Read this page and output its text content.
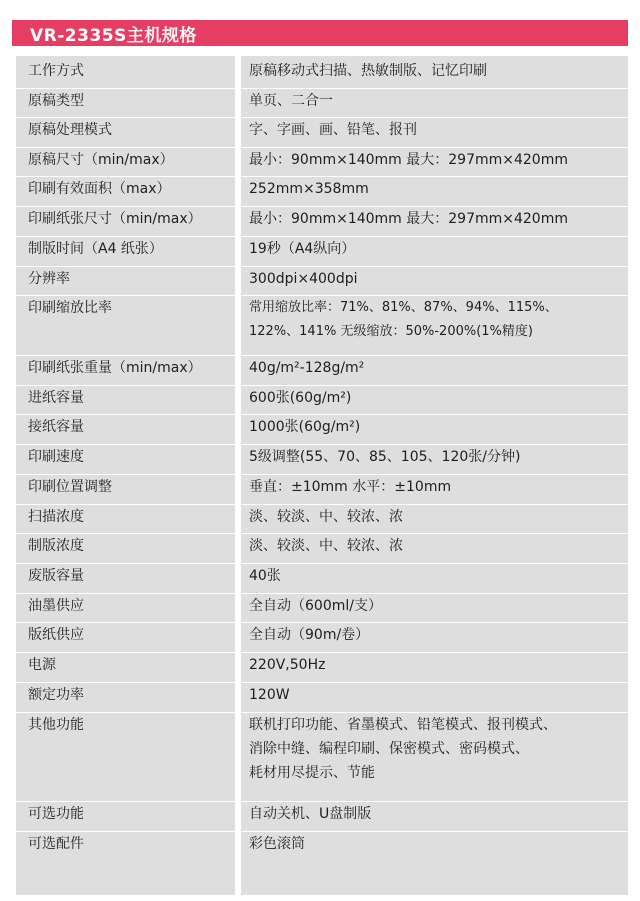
VR-2335S主机规格
工作方式	原稿移动式扫描、热敏制版、记忆印刷
原稿类型	单页、二合一
原稿处理模式	字、字画、画、铅笔、报刊
原稿尺寸（min/max）	最小：90mm×140mm 最大：297mm×420mm
印刷有效面积（max）	252mm×358mm
印刷纸张尺寸（min/max）	最小：90mm×140mm 最大：297mm×420mm
制版时间（A4 纸张）	19秒（A4纵向）
分辨率	300dpi×400dpi
印刷缩放比率	常用缩放比率：71%、81%、87%、94%、115%、
122%、141% 无级缩放：50%-200%(1%精度)
印刷纸张重量（min/max）	40g/m²-128g/m²
进纸容量	600张(60g/m²)
接纸容量	1000张(60g/m²)
印刷速度	5级调整(55、70、85、105、120张/分钟)
印刷位置调整	垂直：±10mm 水平：±10mm
扫描浓度	淡、较淡、中、较浓、浓
制版浓度	淡、较淡、中、较浓、浓
废版容量	40张
油墨供应	全自动（600ml/支）
版纸供应	全自动（90m/卷）
电源	220V,50Hz
额定功率	120W
其他功能	联机打印功能、省墨模式、铅笔模式、报刊模式、
消除中缝、编程印刷、保密模式、密码模式、
耗材用尽提示、节能
可选功能	自动关机、U盘制版
可选配件	彩色滚筒
